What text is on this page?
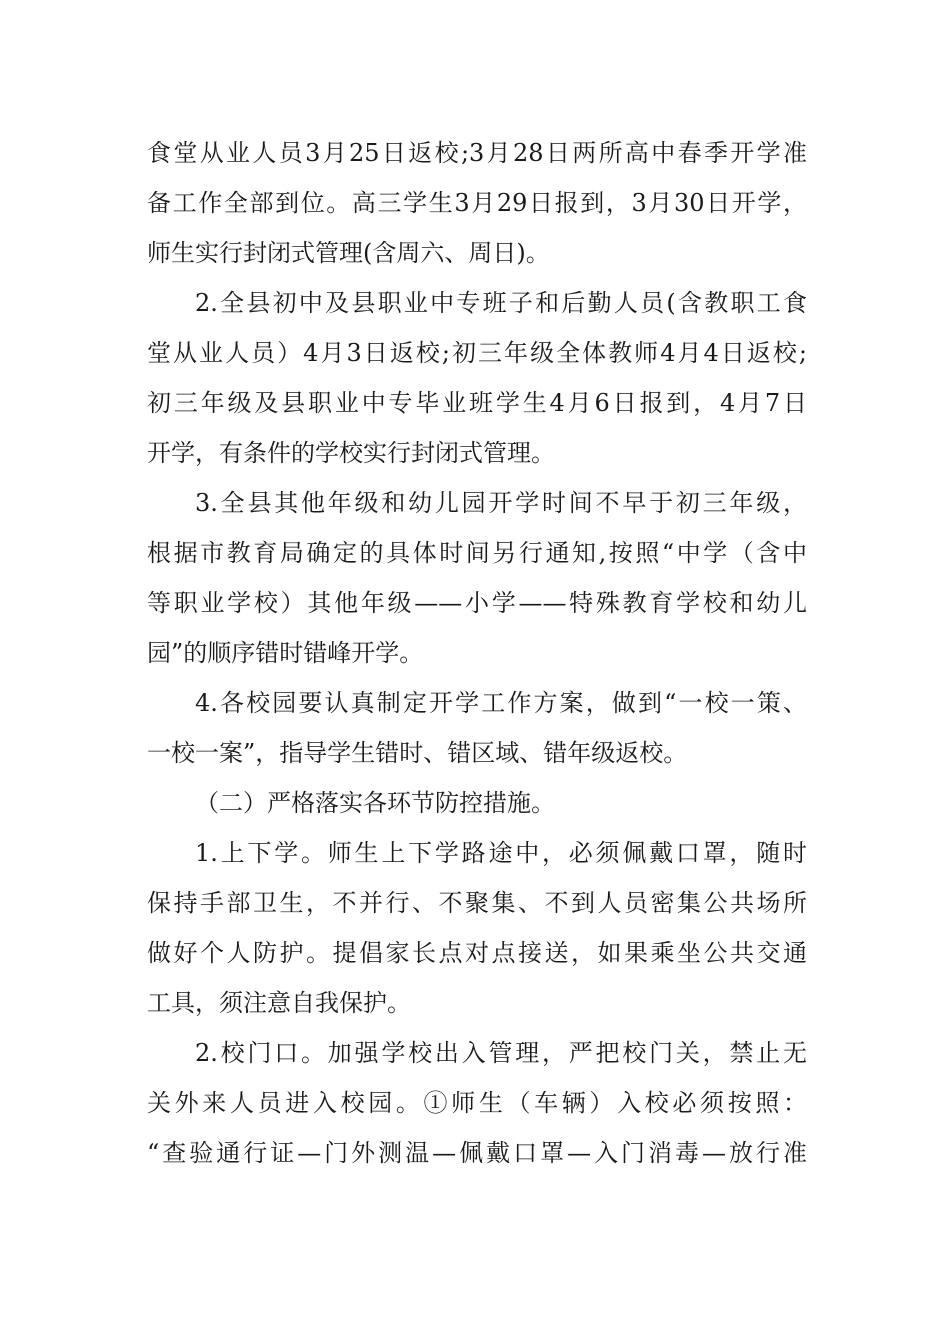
食堂从业人员3月25日返校;3月28日两所高中春季开学准
备工作全部到位。高三学生3月29日报到，3月30日开学，
师生实行封闭式管理(含周六、周日)。
2.全县初中及县职业中专班子和后勤人员(含教职工食
堂从业人员）4月3日返校;初三年级全体教师4月4日返校;
初三年级及县职业中专毕业班学生4月6日报到，4月7日
开学，有条件的学校实行封闭式管理。
3.全县其他年级和幼儿园开学时间不早于初三年级，
根据市教育局确定的具体时间另行通知,按照“中学（含中
等职业学校）其他年级——小学——特殊教育学校和幼儿
园”的顺序错时错峰开学。
4.各校园要认真制定开学工作方案，做到“一校一策、
一校一案”，指导学生错时、错区域、错年级返校。
（二）严格落实各环节防控措施。
1.上下学。师生上下学路途中，必须佩戴口罩，随时
保持手部卫生，不并行、不聚集、不到人员密集公共场所
做好个人防护。提倡家长点对点接送，如果乘坐公共交通
工具，须注意自我保护。
2.校门口。加强学校出入管理，严把校门关，禁止无
关外来人员进入校园。①师生（车辆）入校必须按照：
“查验通行证—门外测温—佩戴口罩—入门消毒—放行准
